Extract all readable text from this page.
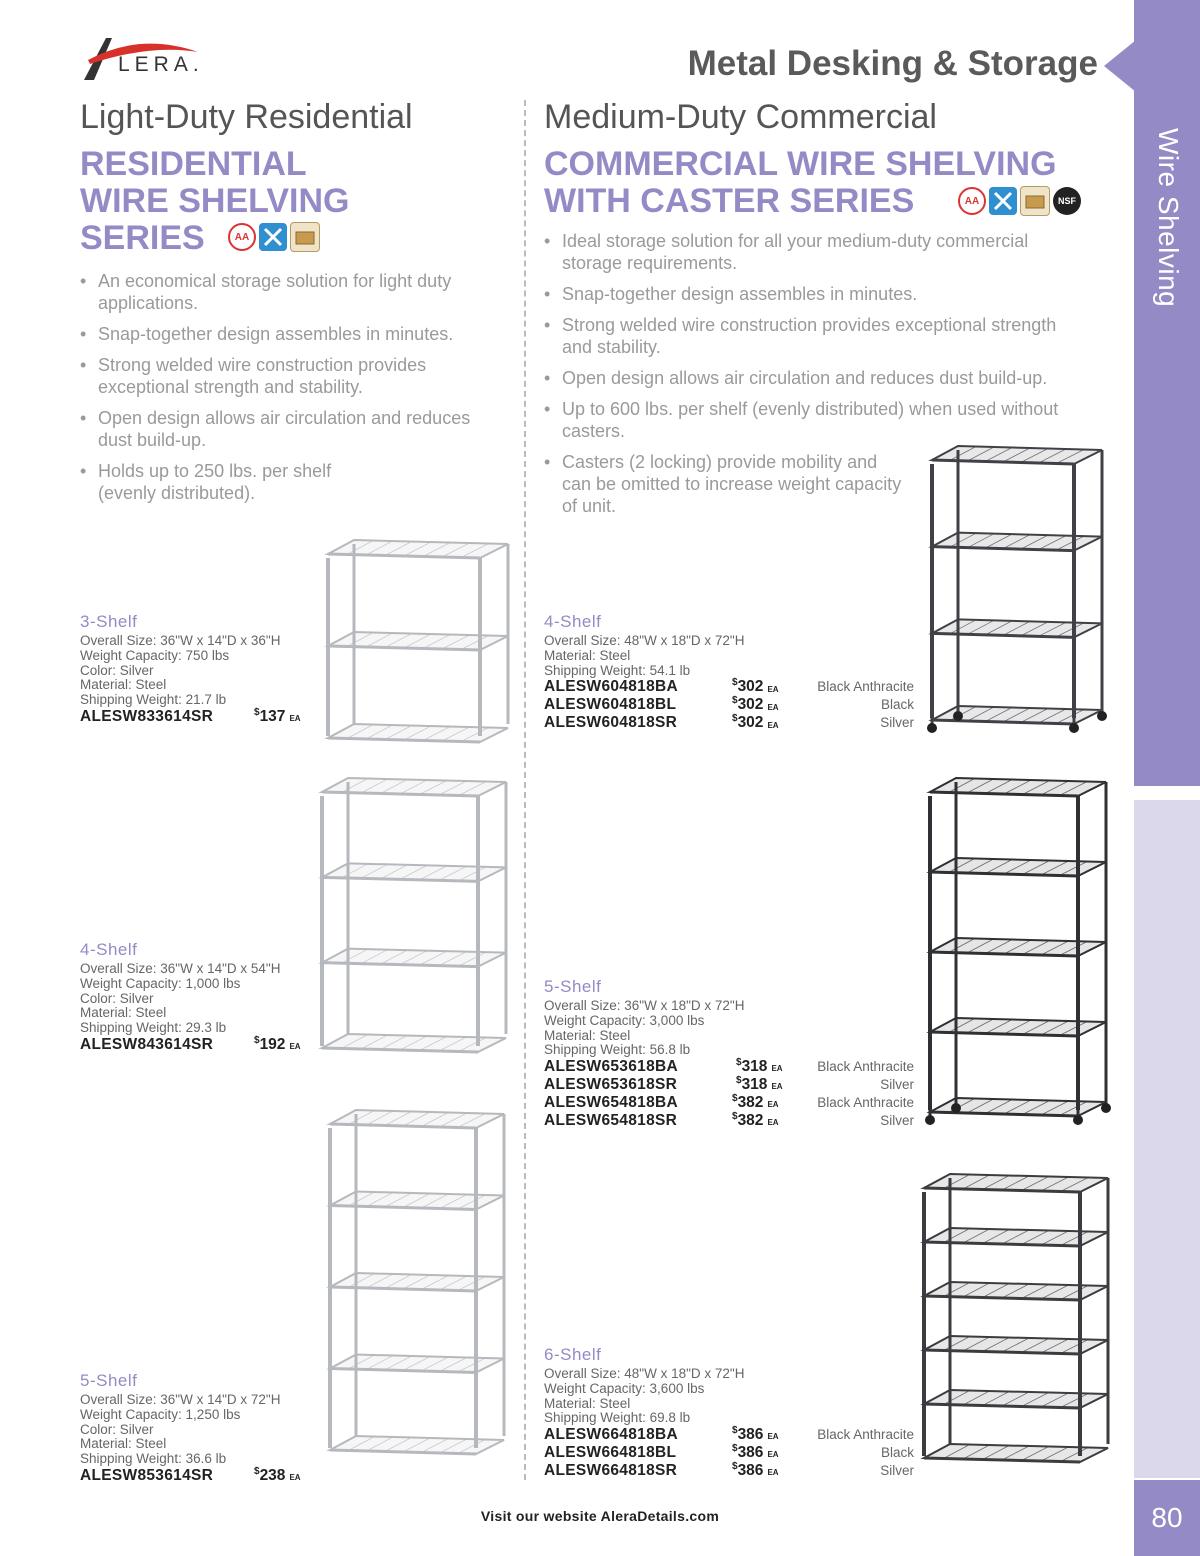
Wire Shelving
80
LERA.	Metal Desking & Storage
Light-Duty Residential
RESIDENTIAL
WIRE SHELVING
SERIES	AA
• An economical storage solution for light duty applications.
• Snap-together design assembles in minutes.
• Strong welded wire construction provides exceptional strength and stability.
• Open design allows air circulation and reduces dust build-up.
• Holds up to 250 lbs. per shelf (evenly distributed).
Medium-Duty Commercial
COMMERCIAL WIRE SHELVING
WITH CASTER SERIES	AA	NSF
• Ideal storage solution for all your medium-duty commercial storage requirements.
• Snap-together design assembles in minutes.
• Strong welded wire construction provides exceptional strength and stability.
• Open design allows air circulation and reduces dust build-up.
• Up to 600 lbs. per shelf (evenly distributed) when used without casters.
• Casters (2 locking) provide mobility and can be omitted to increase weight capacity of unit.
3-Shelf
Overall Size: 36"W x 14"D x 36"H
Weight Capacity: 750 lbs
Color: Silver
Material: Steel
Shipping Weight: 21.7 lb
ALESW833614SR	$137 EA
4-Shelf
Overall Size: 36"W x 14"D x 54"H
Weight Capacity: 1,000 lbs
Color: Silver
Material: Steel
Shipping Weight: 29.3 lb
ALESW843614SR	$192 EA
5-Shelf
Overall Size: 36"W x 14"D x 72"H
Weight Capacity: 1,250 lbs
Color: Silver
Material: Steel
Shipping Weight: 36.6 lb
ALESW853614SR	$238 EA
4-Shelf
Overall Size: 48"W x 18"D x 72"H
Material: Steel
Shipping Weight: 54.1 lb
ALESW604818BA	$302 EA	Black Anthracite
ALESW604818BL	$302 EA	Black
ALESW604818SR	$302 EA	Silver
5-Shelf
Overall Size: 36"W x 18"D x 72"H
Weight Capacity: 3,000 lbs
Material: Steel
Shipping Weight: 56.8 lb
ALESW653618BA	$318 EA	Black Anthracite
ALESW653618SR	$318 EA	Silver
ALESW654818BA	$382 EA	Black Anthracite
ALESW654818SR	$382 EA	Silver
6-Shelf
Overall Size: 48"W x 18"D x 72"H
Weight Capacity: 3,600 lbs
Material: Steel
Shipping Weight: 69.8 lb
ALESW664818BA	$386 EA	Black Anthracite
ALESW664818BL	$386 EA	Black
ALESW664818SR	$386 EA	Silver
Visit our website AleraDetails.com
